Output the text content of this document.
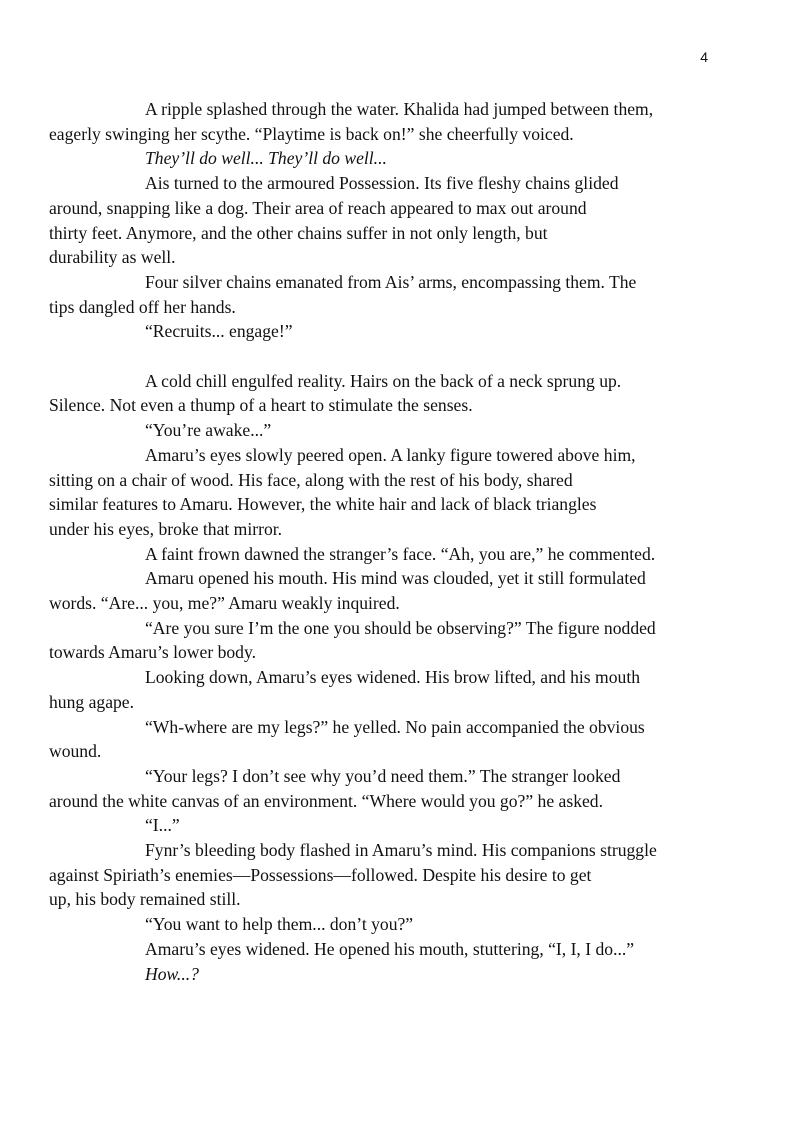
4

A ripple splashed through the water. Khalida had jumped between them,
eagerly swinging her scythe. “Playtime is back on!” she cheerfully voiced.

They’ll do well... They’ll do well...

Ais turned to the armoured Possession. Its five fleshy chains glided
around, snapping like a dog. Their area of reach appeared to max out around
thirty feet. Anymore, and the other chains suffer in not only length, but
durability as well.

Four silver chains emanated from Ais’ arms, encompassing them. The
tips dangled off her hands.

“Recruits... engage!”

A cold chill engulfed reality. Hairs on the back of a neck sprung up.
Silence. Not even a thump of a heart to stimulate the senses.

“You’re awake...”

Amaru’s eyes slowly peered open. A lanky figure towered above him,
sitting on a chair of wood. His face, along with the rest of his body, shared
similar features to Amaru. However, the white hair and lack of black triangles
under his eyes, broke that mirror.

A faint frown dawned the stranger’s face. “Ah, you are,” he commented.

Amaru opened his mouth. His mind was clouded, yet it still formulated
words. “Are... you, me?” Amaru weakly inquired.

“Are you sure I’m the one you should be observing?” The figure nodded
towards Amaru’s lower body.

Looking down, Amaru’s eyes widened. His brow lifted, and his mouth
hung agape.

“Wh-where are my legs?” he yelled. No pain accompanied the obvious
wound.

“Your legs? I don’t see why you’d need them.” The stranger looked
around the white canvas of an environment. “Where would you go?” he asked.

“I...”

Fynr’s bleeding body flashed in Amaru’s mind. His companions struggle
against Spiriath’s enemies—Possessions—followed. Despite his desire to get
up, his body remained still.

“You want to help them... don’t you?”

Amaru’s eyes widened. He opened his mouth, stuttering, “I, I, I do...”

How...?
